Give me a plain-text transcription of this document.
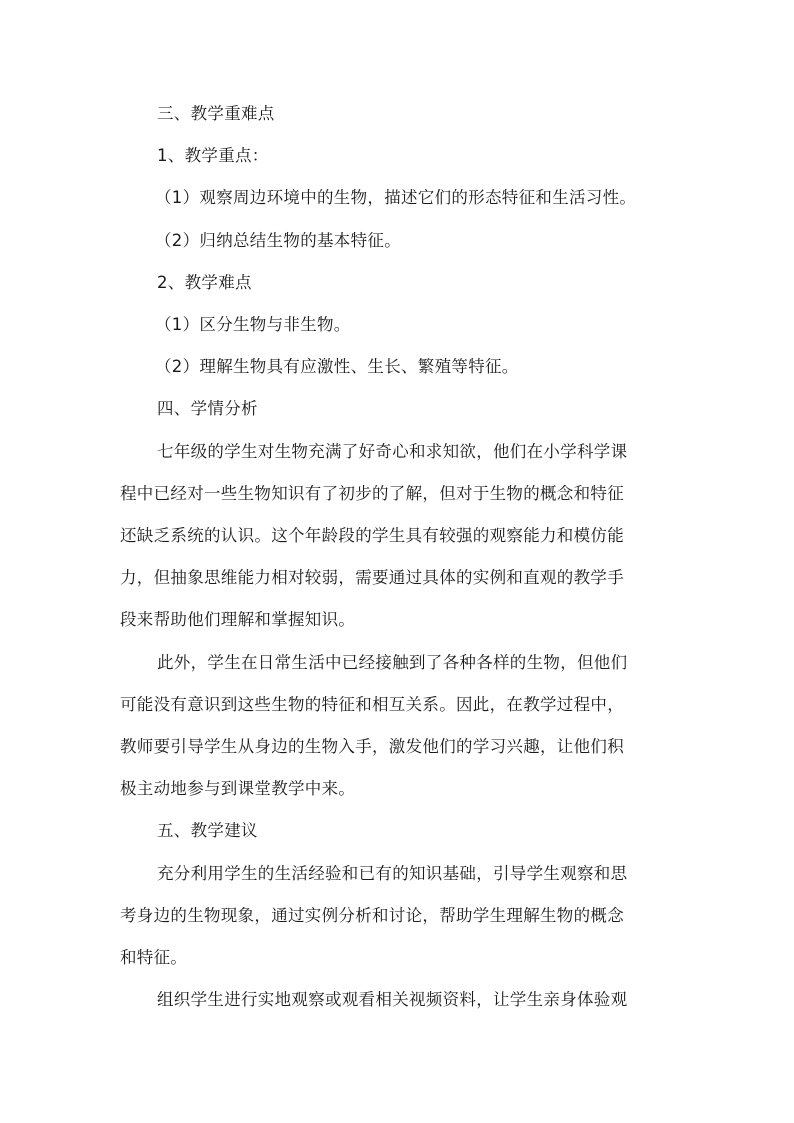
三、教学重难点
1、教学重点：
（1）观察周边环境中的生物，描述它们的形态特征和生活习性。
（2）归纳总结生物的基本特征。
2、教学难点
（1）区分生物与非生物。
（2）理解生物具有应激性、生长、繁殖等特征。
四、学情分析
七年级的学生对生物充满了好奇心和求知欲，他们在小学科学课
程中已经对一些生物知识有了初步的了解，但对于生物的概念和特征
还缺乏系统的认识。这个年龄段的学生具有较强的观察能力和模仿能
力，但抽象思维能力相对较弱，需要通过具体的实例和直观的教学手
段来帮助他们理解和掌握知识。
此外，学生在日常生活中已经接触到了各种各样的生物，但他们
可能没有意识到这些生物的特征和相互关系。因此，在教学过程中，
教师要引导学生从身边的生物入手，激发他们的学习兴趣，让他们积
极主动地参与到课堂教学中来。
五、教学建议
充分利用学生的生活经验和已有的知识基础，引导学生观察和思
考身边的生物现象，通过实例分析和讨论，帮助学生理解生物的概念
和特征。
组织学生进行实地观察或观看相关视频资料，让学生亲身体验观
